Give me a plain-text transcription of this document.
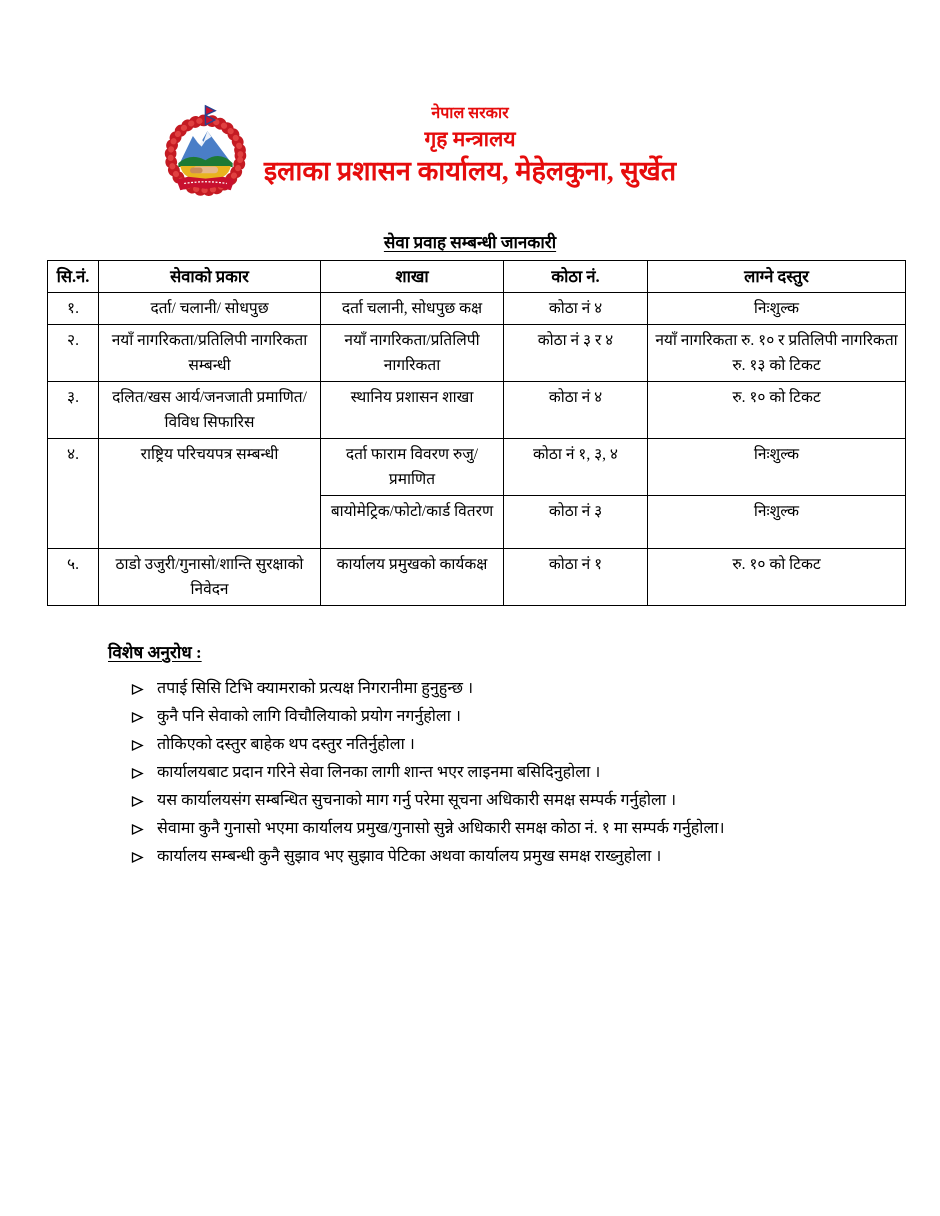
नेपाल सरकार
गृह मन्त्रालय
इलाका प्रशासन कार्यालय, मेहेलकुना, सुर्खेत
सेवा प्रवाह सम्बन्धी जानकारी
सि.नं.	सेवाको प्रकार	शाखा	कोठा नं.	लाग्ने दस्तुर
१.	दर्ता/ चलानी/ सोधपुछ	दर्ता चलानी, सोधपुछ कक्ष	कोठा नं ४	निःशुल्क
२.	नयाँ नागरिकता/प्रतिलिपी नागरिकता सम्बन्धी	नयाँ नागरिकता/प्रतिलिपी नागरिकता	कोठा नं ३ र ४	नयाँ नागरिकता रु. १० र प्रतिलिपी नागरिकता रु. १३ को टिकट
३.	दलित/खस आर्य/जनजाती प्रमाणित/विविध सिफारिस	स्थानिय प्रशासन शाखा	कोठा नं ४	रु. १० को टिकट
४.	राष्ट्रिय परिचयपत्र सम्बन्धी	दर्ता फाराम विवरण रुजु/प्रमाणित	कोठा नं १, ३, ४	निःशुल्क
		बायोमेट्रिक/फोटो/कार्ड वितरण	कोठा नं ३	निःशुल्क
५.	ठाडो उजुरी/गुनासो/शान्ति सुरक्षाको निवेदन	कार्यालय प्रमुखको कार्यकक्ष	कोठा नं १	रु. १० को टिकट
विशेष अनुरोध :
तपाई सिसि टिभि क्यामराको प्रत्यक्ष निगरानीमा हुनुहुन्छ ।
कुनै पनि सेवाको लागि विचौलियाको प्रयोग नगर्नुहोला ।
तोकिएको दस्तुर बाहेक थप दस्तुर नतिर्नुहोला ।
कार्यालयबाट प्रदान गरिने सेवा लिनका लागी शान्त भएर लाइनमा बसिदिनुहोला ।
यस कार्यालयसंग सम्बन्धित सुचनाको माग गर्नु परेमा सूचना अधिकारी समक्ष सम्पर्क गर्नुहोला ।
सेवामा कुनै गुनासो भएमा कार्यालय प्रमुख/गुनासो सुन्ने अधिकारी समक्ष कोठा नं. १ मा सम्पर्क गर्नुहोला।
कार्यालय सम्बन्धी कुनै सुझाव भए सुझाव पेटिका अथवा कार्यालय प्रमुख समक्ष राख्नुहोला ।
